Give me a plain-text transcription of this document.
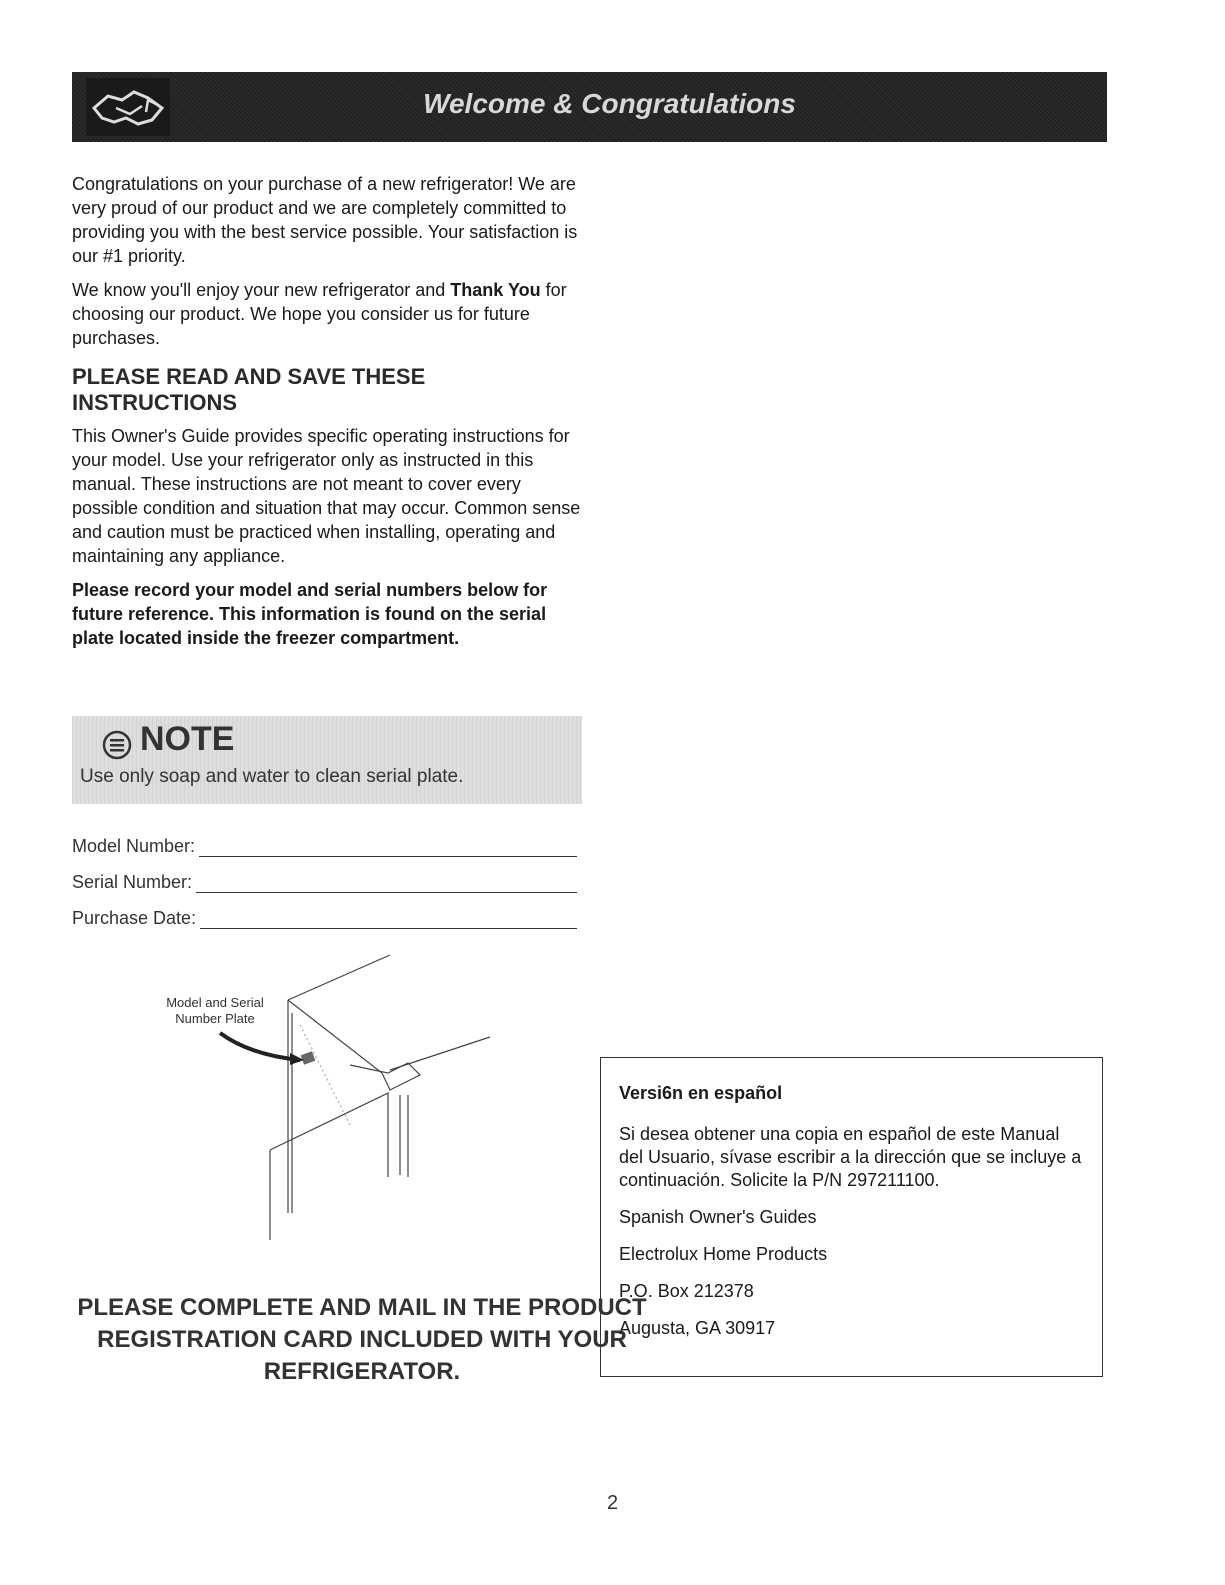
Welcome & Congratulations

Congratulations on your purchase of a new refrigerator! We are very proud of our product and we are completely committed to providing you with the best service possible. Your satisfaction is our #1 priority.

We know you'll enjoy your new refrigerator and Thank You for choosing our product. We hope you consider us for future purchases.

PLEASE READ AND SAVE THESE INSTRUCTIONS

This Owner's Guide provides specific operating instructions for your model. Use your refrigerator only as instructed in this manual. These instructions are not meant to cover every possible condition and situation that may occur. Common sense and caution must be practiced when installing, operating and maintaining any appliance.

Please record your model and serial numbers below for future reference. This information is found on the serial plate located inside the freezer compartment.

NOTE
Use only soap and water to clean serial plate.
Model Number:
Serial Number:
Purchase Date:
Model and Serial Number Plate
PLEASE COMPLETE AND MAIL IN THE PRODUCT REGISTRATION CARD INCLUDED WITH YOUR REFRIGERATOR.

Versi6n en español

Si desea obtener una copia en español de este Manual del Usuario, sívase escribir a la dirección que se incluye a continuación. Solicite la P/N 297211100.

Spanish Owner's Guides

Electrolux Home Products

P.O. Box 212378

Augusta, GA 30917

2
